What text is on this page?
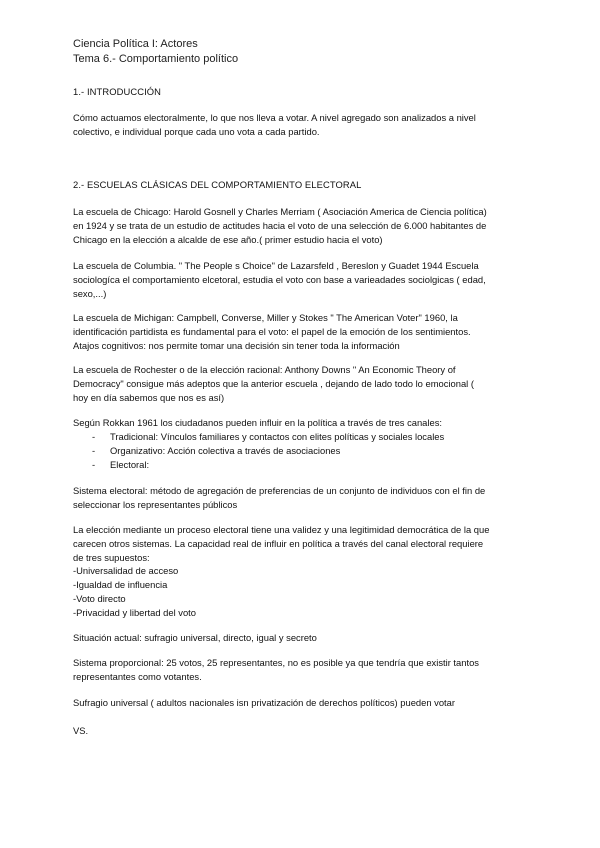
Ciencia Política I: Actores
Tema 6.- Comportamiento político
1.- INTRODUCCIÓN
2.- ESCUELAS CLÁSICAS DEL COMPORTAMIENTO ELECTORAL
Según Rokkan 1961 los ciudadanos pueden influir en la política a través de tres canales:
VS.
Cómo actuamos electoralmente, lo que nos lleva a votar. A nivel agregado son analizados a nivel
colectivo, e individual porque cada uno vota a cada partido.
La escuela de Chicago: Harold Gosnell y Charles Merriam ( Asociación America de Ciencia política)
en 1924 y se trata de un estudio de actitudes hacia el voto de una selección de 6.000 habitantes de
Chicago en la elección a alcalde de ese año.( primer estudio hacia el voto)
La escuela de Columbia. " The People s Choice" de Lazarsfeld , Bereslon y Guadet 1944 Escuela
sociologíca el comportamiento elcetoral, estudia el voto con base a varieadades sociolgicas ( edad,
sexo,...)
La escuela de Michigan: Campbell, Converse, Miller y Stokes " The American Voter" 1960, la
identificación partidista es fundamental para el voto: el papel de la emoción de los sentimientos.
Atajos cognitivos: nos permite tomar una decisión sin tener toda la información
La escuela de Rochester o de la elección racional: Anthony Downs " An Economic Theory of
Democracy" consigue más adeptos que la anterior escuela , dejando de lado todo lo emocional (
hoy en día sabemos que nos es así)
Sistema electoral: método de agregación de preferencias de un conjunto de individuos con el fin de
seleccionar los representantes públicos
La elección mediante un proceso electoral tiene una validez y una legitimidad democrática de la que
carecen otros sistemas. La capacidad real de influir en política a través del canal electoral requiere
de tres supuestos:
-Universalidad de acceso
-Igualdad de influencia
-Voto directo
-Privacidad y libertad del voto
Situación actual: sufragio universal, directo, igual y secreto
Sistema proporcional: 25 votos, 25 representantes, no es posible ya que tendría que existir tantos
representantes como votantes.
Sufragio universal ( adultos nacionales isn privatización de derechos políticos) pueden votar
- Tradicional: Vínculos familiares y contactos con elites políticas y sociales locales
- Organizativo: Acción colectiva a través de asociaciones
- Electoral:
